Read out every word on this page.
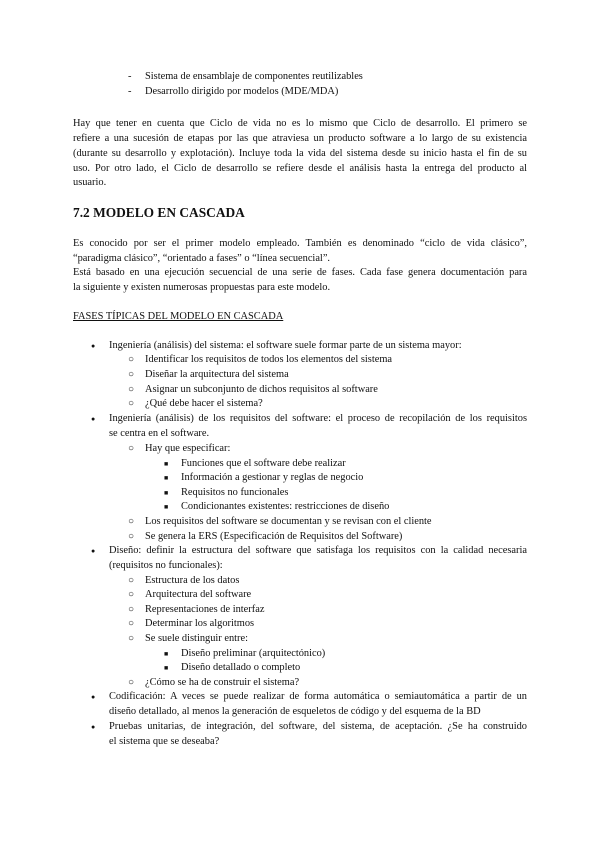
- Sistema de ensamblaje de componentes reutilizables
- Desarrollo dirigido por modelos (MDE/MDA)
Hay que tener en cuenta que Ciclo de vida no es lo mismo que Ciclo de desarrollo. El primero se
refiere a una sucesión de etapas por las que atraviesa un producto software a lo largo de su existencia
(durante su desarrollo y explotación). Incluye toda la vida del sistema desde su inicio hasta el fin de su
uso. Por otro lado, el Ciclo de desarrollo se refiere desde el análisis hasta la entrega del producto al
usuario.
7.2 MODELO EN CASCADA
Es conocido por ser el primer modelo empleado. También es denominado “ciclo de vida clásico”,
“paradigma clásico”, “orientado a fases” o “línea secuencial”.
Está basado en una ejecución secuencial de una serie de fases. Cada fase genera documentación para
la siguiente y existen numerosas propuestas para este modelo.
FASES TÍPICAS DEL MODELO EN CASCADA
● Ingeniería (análisis) del sistema: el software suele formar parte de un sistema mayor:
○ Identificar los requisitos de todos los elementos del sistema
○ Diseñar la arquitectura del sistema
○ Asignar un subconjunto de dichos requisitos al software
○ ¿Qué debe hacer el sistema?
● Ingeniería (análisis) de los requisitos del software: el proceso de recopilación de los requisitos
se centra en el software.
○ Hay que especificar:
■ Funciones que el software debe realizar
■ Información a gestionar y reglas de negocio
■ Requisitos no funcionales
■ Condicionantes existentes: restricciones de diseño
○ Los requisitos del software se documentan y se revisan con el cliente
○ Se genera la ERS (Especificación de Requisitos del Software)
● Diseño: definir la estructura del software que satisfaga los requisitos con la calidad necesaria
(requisitos no funcionales):
○ Estructura de los datos
○ Arquitectura del software
○ Representaciones de interfaz
○ Determinar los algoritmos
○ Se suele distinguir entre:
■ Diseño preliminar (arquitectónico)
■ Diseño detallado o completo
○ ¿Cómo se ha de construir el sistema?
● Codificación: A veces se puede realizar de forma automática o semiautomática a partir de un
diseño detallado, al menos la generación de esqueletos de código y del esquema de la BD
● Pruebas unitarias, de integración, del software, del sistema, de aceptación. ¿Se ha construido
el sistema que se deseaba?
